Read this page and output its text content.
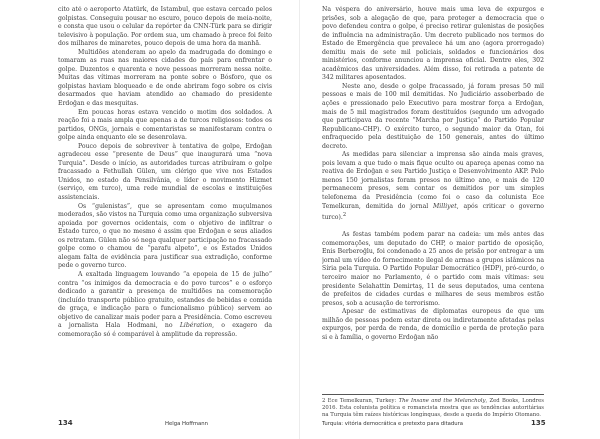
cito até o aeroporto Atatürk, de Istambul, que estava cercado pelos golpistas. Conseguiu pousar no escuro, pouco depois de meia-noite, e consta que usou o celular da repórter da CNN-Türk para se dirigir televisivo à população. Por ordem sua, um chamado à prece foi feito dos milhares de minaretes, pouco depois de uma hora da manhã.

Multidões atenderam ao apelo da madrugada do domingo e tomaram as ruas nas maiores cidades do país para enfrentar o golpe. Duzentos e quarenta e nove pessoas morreram nessa noite. Muitas das vítimas morreram na ponte sobre o Bósforo, que os golpistas haviam bloqueado e de onde abriram fogo sobre os civis desarmados que haviam atendido ao chamado do presidente Erdoğan e das mesquitas.

Em poucas horas estava vencido o motim dos soldados. A reação foi a mais ampla que apenas a de turcos religiosos: todos os partidos, ONGs, jornais e comentaristas se manifestaram contra o golpe ainda enquanto ele se desenrolava.

Pouco depois de sobreviver à tentativa de golpe, Erdoğan agradeceu esse “presente de Deus” que inaugurará uma “nova Turquia”. Desde o início, as autoridades turcas atribuíram o golpe fracassado a Fethullah Gülen, um clérigo que vive nos Estados Unidos, no estado da Pensilvânia, e líder o movimento Hizmet (serviço, em turco), uma rede mundial de escolas e instituições assistenciais.

Os “gulenistas”, que se apresentam como muçulmanos moderados, são vistos na Turquia como uma organização subversiva apoiada por governos ocidentais, com o objetivo de infiltrar o Estado turco, o que no mesmo é assim que Erdoğan e seus aliados os retratam. Gülen não só nega qualquer participação no fracassado golpe como o chamou de “parafu alpeto”, e os Estados Unidos alegam falta de evidência para justificar sua extradição, conforme pede o governo turco.

A exaltada linguagem louvando “a epopeia de 15 de julho” contra “os inimigos da democracia e do povo turcos” e o esforço dedicado a garantir a presença de multidões na comemoração (incluído transporte público gratuito, estandes de bebidas e comida de graça, e indicação para o funcionalismo público) servem ao objetivo de canalizar mais poder para a Presidência. Como escreveu a jornalista Hala Hodmani, no Libération, o exagero da comemoração só é comparável à amplitude da repressão.

134	Helga Hoffmann

Na véspera do aniversário, houve mais uma leva de expurgos e prisões, sob a alegação de que, para proteger a democracia que o povo defendeu contra o golpe, é preciso retirar gulenistas de posições de influência na administração. Um decreto publicado nos termos do Estado de Emergência que prevalece há um ano (agora prorrogado) demitiu mais de sete mil policiais, soldados e funcionários dos ministérios, conforme anunciou a imprensa oficial. Dentre eles, 302 acadêmicos das universidades. Além disso, foi retirada a patente de 342 militares aposentados.

Neste ano, desde o golpe fracassado, já foram presas 50 mil pessoas e mais de 100 mil demitidas. No Judiciário assoberbado de ações e pressionado pelo Executivo para mostrar força a Erdoğan, mais de 5 mil magistrados foram destituídos (segundo um advogado que participava da recente “Marcha por Justiça” do Partido Popular Republicano-CHP). O exército turco, o segundo maior da Otan, foi enfraquecido pela destituição de 150 generais, antes do último decreto.

As medidas para silenciar a imprensa são ainda mais graves, pois levam a que tudo o mais fique oculto ou apareça apenas como na reativa de Erdoğan e seu Partido Justiça e Desenvolvimento AKP. Pelo menos 150 jornalistas foram presos no último ano, e mais de 120 permanecem presos, sem contar os demitidos por um simples telefonema da Presidência (como foi o caso da colunista Ece Temelkuran, demitida do jornal Milliyet, após criticar o governo turco).$^2$

As festas também podem parar na cadeia: um mês antes das comemorações, um deputado do CHP, o maior partido de oposição, Enis Berberoğlu, foi condenado a 25 anos de prisão por entregar a um jornal um vídeo do fornecimento ilegal de armas a grupos islâmicos na Síria pela Turquia. O Partido Popular Democrático (HDP), pró-curdo, o terceiro maior no Parlamento, é o partido com mais vítimas: seu presidente Selahattin Demirtaş, 11 de seus deputados, uma centena de prefeitos de cidades curdas e milhares de seus membros estão presos, sob a acusação de terrorismo.

Apesar de estimativas de diplomatas europeus de que um milhão de pessoas podem estar direta ou indiretamente afetadas pelas expurgos, por perda de renda, de domicílio e perda de proteção para si e à família, o governo Erdoğan não

2 Ece Temelkuran, Turkey: The Insane and the Melancholy, Zed Books, Londres 2016. Esta colunista política e romancista mostra que as tendências autoritárias na Turquia têm raízes históricas longínquas, desde a queda do Império Otomano.

Turquia: vitória democrática e pretexto para ditadura	135
